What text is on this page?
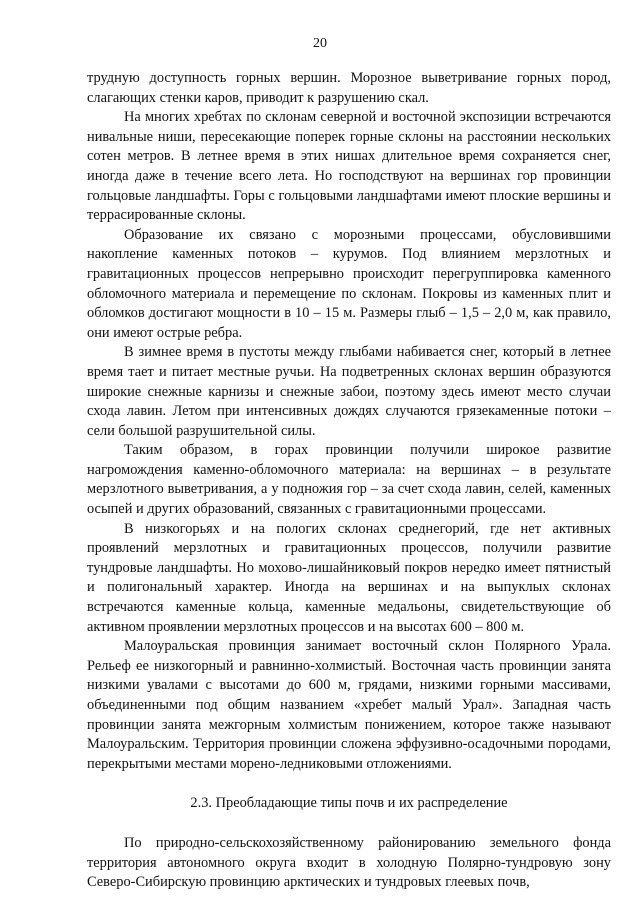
20

трудную доступность горных вершин. Морозное выветривание горных пород, слагающих стенки каров, приводит к разрушению скал.

На многих хребтах по склонам северной и восточной экспозиции встречаются нивальные ниши, пересекающие поперек горные склоны на расстоянии нескольких сотен метров. В летнее время в этих нишах длительное время сохраняется снег, иногда даже в течение всего лета. Но господствуют на вершинах гор провинции гольцовые ландшафты. Горы с гольцовыми ландшафтами имеют плоские вершины и террасированные склоны.

Образование их связано с морозными процессами, обусловившими накопление каменных потоков – курумов. Под влиянием мерзлотных и гравитационных процессов непрерывно происходит перегруппировка каменного обломочного материала и перемещение по склонам. Покровы из каменных плит и обломков достигают мощности в 10 – 15 м. Размеры глыб – 1,5 – 2,0 м, как правило, они имеют острые ребра.

В зимнее время в пустоты между глыбами набивается снег, который в летнее время тает и питает местные ручьи. На подветренных склонах вершин образуются широкие снежные карнизы и снежные забои, поэтому здесь имеют место случаи схода лавин. Летом при интенсивных дождях случаются грязекаменные потоки – сели большой разрушительной силы.

Таким образом, в горах провинции получили широкое развитие нагромождения каменно-обломочного материала: на вершинах – в результате мерзлотного выветривания, а у подножия гор – за счет схода лавин, селей, каменных осыпей и других образований, связанных с гравитационными процессами.

В низкогорьях и на пологих склонах среднегорий, где нет активных проявлений мерзлотных и гравитационных процессов, получили развитие тундровые ландшафты. Но мохово-лишайниковый покров нередко имеет пятнистый и полигональный характер. Иногда на вершинах и на выпуклых склонах встречаются каменные кольца, каменные медальоны, свидетельствующие об активном проявлении мерзлотных процессов и на высотах 600 – 800 м.

Малоуральская провинция занимает восточный склон Полярного Урала. Рельеф ее низкогорный и равнинно-холмистый. Восточная часть провинции занята низкими увалами с высотами до 600 м, грядами, низкими горными массивами, объединенными под общим названием «хребет малый Урал». Западная часть провинции занята межгорным холмистым понижением, которое также называют Малоуральским. Территория провинции сложена эффузивно-осадочными породами, перекрытыми местами морено-ледниковыми отложениями.

2.3. Преобладающие типы почв и их распределение

По природно-сельскохозяйственному районированию земельного фонда территория автономного округа входит в холодную Полярно-тундровую зону Северо-Сибирскую провинцию арктических и тундровых глеевых почв,
